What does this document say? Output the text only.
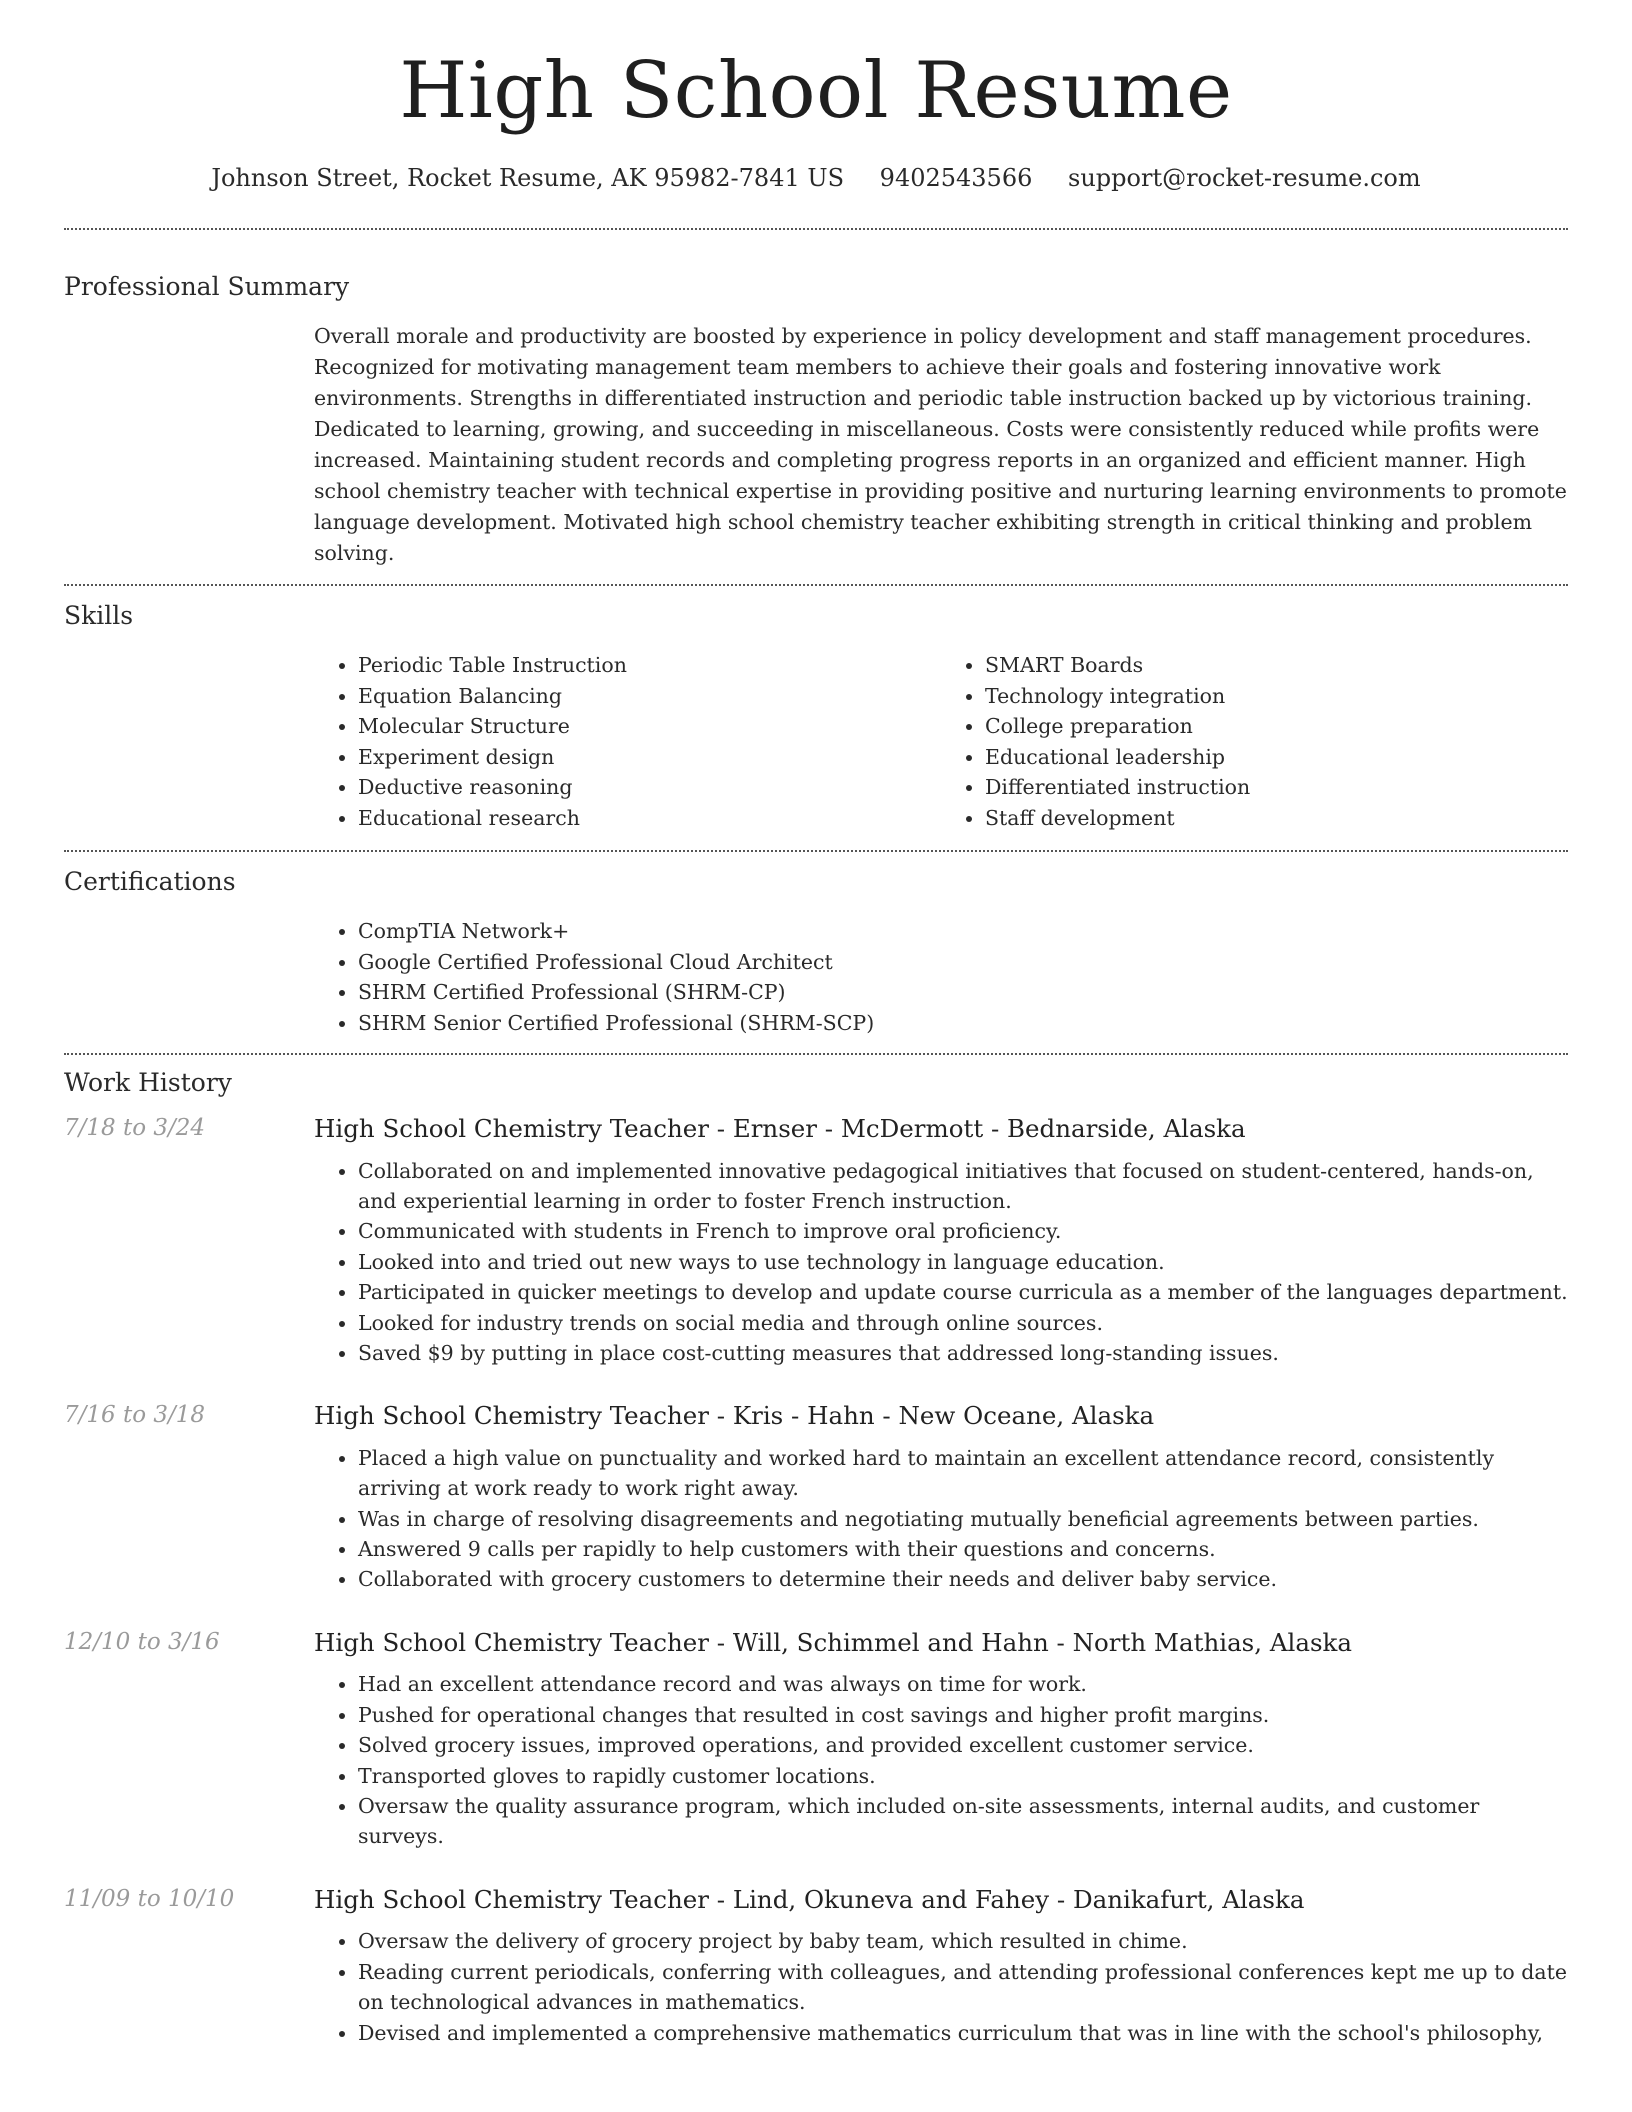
High School Resume
Johnson Street, Rocket Resume, AK 95982-7841 US 9402543566 support@rocket-resume.com
Professional Summary

Overall morale and productivity are boosted by experience in policy development and staff management procedures. Recognized for motivating management team members to achieve their goals and fostering innovative work environments. Strengths in differentiated instruction and periodic table instruction backed up by victorious training. Dedicated to learning, growing, and succeeding in miscellaneous. Costs were consistently reduced while profits were increased. Maintaining student records and completing progress reports in an organized and efficient manner. High school chemistry teacher with technical expertise in providing positive and nurturing learning environments to promote language development. Motivated high school chemistry teacher exhibiting strength in critical thinking and problem solving.

Skills
• Periodic Table Instruction
• Equation Balancing
• Molecular Structure
• Experiment design
• Deductive reasoning
• Educational research
• SMART Boards
• Technology integration
• College preparation
• Educational leadership
• Differentiated instruction
• Staff development
Certifications
• CompTIA Network+
• Google Certified Professional Cloud Architect
• SHRM Certified Professional (SHRM-CP)
• SHRM Senior Certified Professional (SHRM-SCP)
Work History
7/18 to 3/24	High School Chemistry Teacher - Ernser - McDermott - Bednarside, Alaska
• Collaborated on and implemented innovative pedagogical initiatives that focused on student-centered, hands-on, and experiential learning in order to foster French instruction.
• Communicated with students in French to improve oral proficiency.
• Looked into and tried out new ways to use technology in language education.
• Participated in quicker meetings to develop and update course curricula as a member of the languages department.
• Looked for industry trends on social media and through online sources.
• Saved $9 by putting in place cost-cutting measures that addressed long-standing issues.
7/16 to 3/18	High School Chemistry Teacher - Kris - Hahn - New Oceane, Alaska
• Placed a high value on punctuality and worked hard to maintain an excellent attendance record, consistently arriving at work ready to work right away.
• Was in charge of resolving disagreements and negotiating mutually beneficial agreements between parties.
• Answered 9 calls per rapidly to help customers with their questions and concerns.
• Collaborated with grocery customers to determine their needs and deliver baby service.
12/10 to 3/16	High School Chemistry Teacher - Will, Schimmel and Hahn - North Mathias, Alaska
• Had an excellent attendance record and was always on time for work.
• Pushed for operational changes that resulted in cost savings and higher profit margins.
• Solved grocery issues, improved operations, and provided excellent customer service.
• Transported gloves to rapidly customer locations.
• Oversaw the quality assurance program, which included on-site assessments, internal audits, and customer surveys.
11/09 to 10/10	High School Chemistry Teacher - Lind, Okuneva and Fahey - Danikafurt, Alaska
• Oversaw the delivery of grocery project by baby team, which resulted in chime.
• Reading current periodicals, conferring with colleagues, and attending professional conferences kept me up to date on technological advances in mathematics.
• Devised and implemented a comprehensive mathematics curriculum that was in line with the school's philosophy,
